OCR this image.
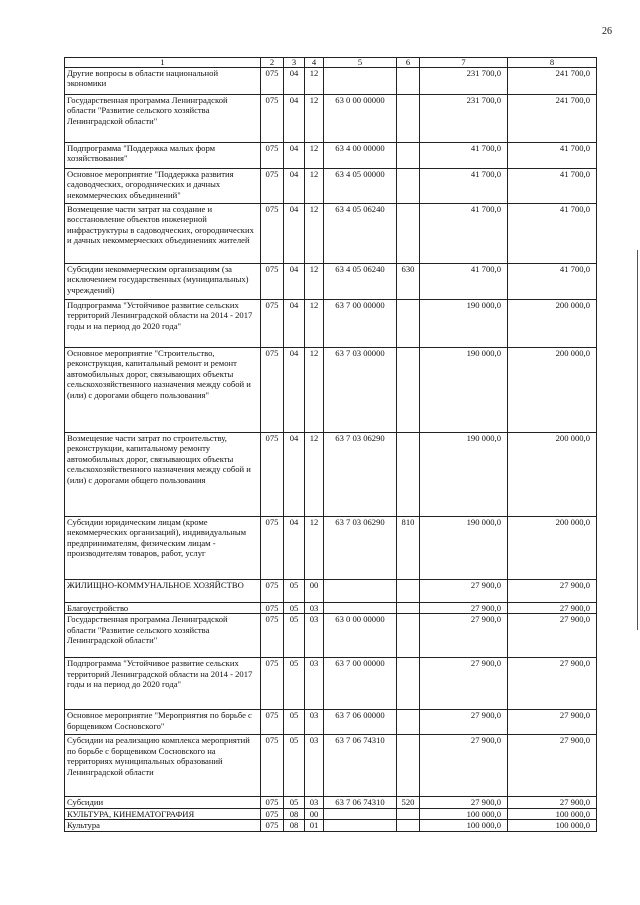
26
1	2	3	4	5	6	7	8
Другие вопросы в области национальной экономики	075	04	12			231 700,0	241 700,0
Государственная программа Ленинградской области "Развитие сельского хозяйства Ленинградской области"	075	04	12	63 0 00 00000		231 700,0	241 700,0
Подпрограмма "Поддержка малых форм хозяйствования"	075	04	12	63 4 00 00000		41 700,0	41 700,0
Основное мероприятие "Поддержка развития садоводческих, огороднических и дачных некоммерческих объединений"	075	04	12	63 4 05 00000		41 700,0	41 700,0
Возмещение части затрат на создание и восстановление объектов инженерной инфраструктуры в садоводческих, огороднических и дачных некоммерческих объединениях жителей	075	04	12	63 4 05 06240		41 700,0	41 700,0
Субсидии некоммерческим организациям (за исключением государственных (муниципальных) учреждений)	075	04	12	63 4 05 06240	630	41 700,0	41 700,0
Подпрограмма "Устойчивое развитие сельских территорий Ленинградской области на 2014 - 2017 годы и на период до 2020 года"	075	04	12	63 7 00 00000		190 000,0	200 000,0
Основное мероприятие "Строительство, реконструкция, капитальный ремонт и ремонт автомобильных дорог, связывающих объекты сельскохозяйственного назначения между собой и (или) с дорогами общего пользования"	075	04	12	63 7 03 00000		190 000,0	200 000,0
Возмещение части затрат по строительству, реконструкции, капитальному ремонту автомобильных дорог, связывающих объекты сельскохозяйственного назначения между собой и (или) с дорогами общего пользования	075	04	12	63 7 03 06290		190 000,0	200 000,0
Субсидии юридическим лицам (кроме некоммерческих организаций), индивидуальным предпринимателям, физическим лицам - производителям товаров, работ, услуг	075	04	12	63 7 03 06290	810	190 000,0	200 000,0
ЖИЛИЩНО-КОММУНАЛЬНОЕ ХОЗЯЙСТВО	075	05	00			27 900,0	27 900,0
Благоустройство	075	05	03			27 900,0	27 900,0
Государственная программа Ленинградской области "Развитие сельского хозяйства Ленинградской области"	075	05	03	63 0 00 00000		27 900,0	27 900,0
Подпрограмма "Устойчивое развитие сельских территорий Ленинградской области на 2014 - 2017 годы и на период до 2020 года"	075	05	03	63 7 00 00000		27 900,0	27 900,0
Основное мероприятие "Мероприятия по борьбе с борщевиком Сосновского"	075	05	03	63 7 06 00000		27 900,0	27 900,0
Субсидии на реализацию комплекса мероприятий по борьбе с борщевиком Сосновского на территориях муниципальных образований Ленинградской области	075	05	03	63 7 06 74310		27 900,0	27 900,0
Субсидии	075	05	03	63 7 06 74310	520	27 900,0	27 900,0
КУЛЬТУРА, КИНЕМАТОГРАФИЯ	075	08	00			100 000,0	100 000,0
Культура	075	08	01			100 000,0	100 000,0
